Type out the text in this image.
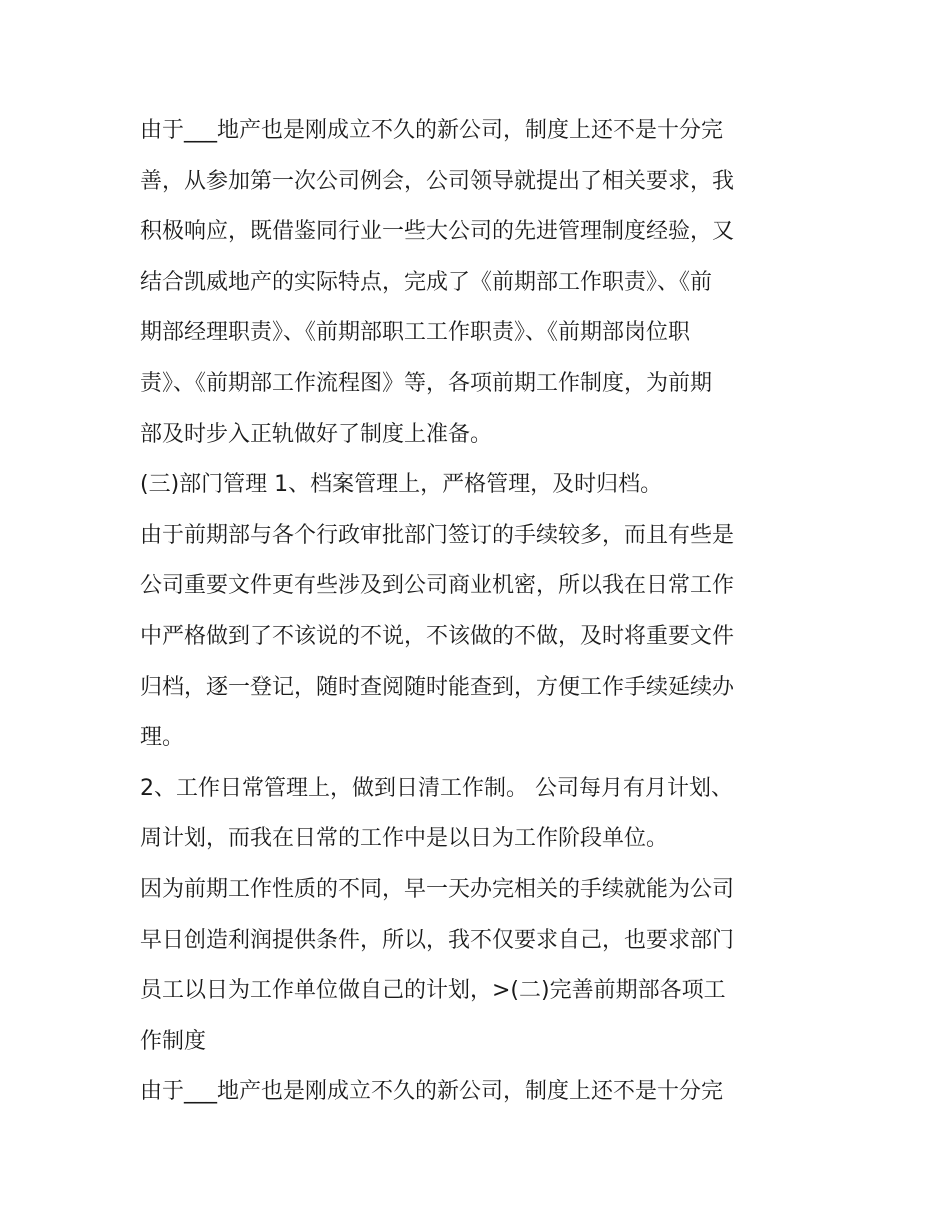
由于___地产也是刚成立不久的新公司，制度上还不是十分完
善，从参加第一次公司例会，公司领导就提出了相关要求，我
积极响应，既借鉴同行业一些大公司的先进管理制度经验，又
结合凯威地产的实际特点，完成了《前期部工作职责》、《前
期部经理职责》、《前期部职工工作职责》、《前期部岗位职
责》、《前期部工作流程图》等，各项前期工作制度，为前期
部及时步入正轨做好了制度上准备。
(三)部门管理 1、档案管理上，严格管理，及时归档。
由于前期部与各个行政审批部门签订的手续较多，而且有些是
公司重要文件更有些涉及到公司商业机密，所以我在日常工作
中严格做到了不该说的不说，不该做的不做，及时将重要文件
归档，逐一登记，随时查阅随时能查到，方便工作手续延续办
理。
2、工作日常管理上，做到日清工作制。 公司每月有月计划、
周计划，而我在日常的工作中是以日为工作阶段单位。
因为前期工作性质的不同，早一天办完相关的手续就能为公司
早日创造利润提供条件，所以，我不仅要求自己，也要求部门
员工以日为工作单位做自己的计划，>(二)完善前期部各项工
作制度
由于___地产也是刚成立不久的新公司，制度上还不是十分完
